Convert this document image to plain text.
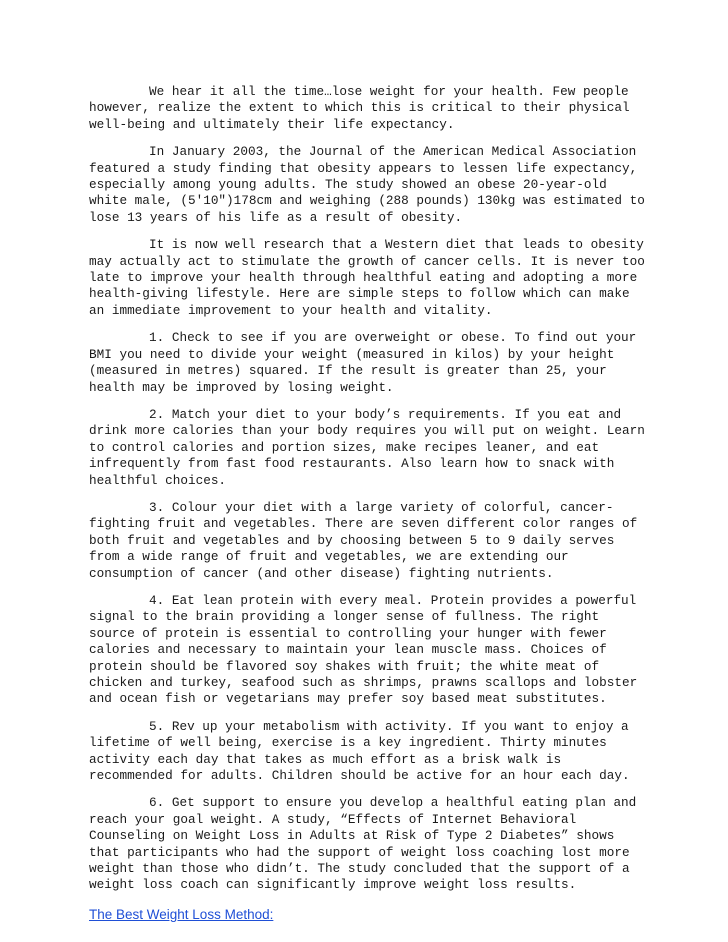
We hear it all the time…lose weight for your health. Few people however, realize the extent to which this is critical to their physical well-being and ultimately their life expectancy.

In January 2003, the Journal of the American Medical Association featured a study finding that obesity appears to lessen life expectancy, especially among young adults. The study showed an obese 20-year-old white male, (5'10")178cm and weighing (288 pounds) 130kg was estimated to lose 13 years of his life as a result of obesity.

It is now well research that a Western diet that leads to obesity may actually act to stimulate the growth of cancer cells. It is never too late to improve your health through healthful eating and adopting a more health-giving lifestyle. Here are simple steps to follow which can make an immediate improvement to your health and vitality.

1. Check to see if you are overweight or obese. To find out your BMI you need to divide your weight (measured in kilos) by your height (measured in metres) squared. If the result is greater than 25, your health may be improved by losing weight.

2. Match your diet to your body’s requirements. If you eat and drink more calories than your body requires you will put on weight. Learn to control calories and portion sizes, make recipes leaner, and eat infrequently from fast food restaurants. Also learn how to snack with healthful choices.

3. Colour your diet with a large variety of colorful, cancer-fighting fruit and vegetables. There are seven different color ranges of both fruit and vegetables and by choosing between 5 to 9 daily serves from a wide range of fruit and vegetables, we are extending our consumption of cancer (and other disease) fighting nutrients.

4. Eat lean protein with every meal. Protein provides a powerful signal to the brain providing a longer sense of fullness. The right source of protein is essential to controlling your hunger with fewer calories and necessary to maintain your lean muscle mass. Choices of protein should be flavored soy shakes with fruit; the white meat of chicken and turkey, seafood such as shrimps, prawns scallops and lobster and ocean fish or vegetarians may prefer soy based meat substitutes.

5. Rev up your metabolism with activity. If you want to enjoy a lifetime of well being, exercise is a key ingredient. Thirty minutes activity each day that takes as much effort as a brisk walk is recommended for adults. Children should be active for an hour each day.

6. Get support to ensure you develop a healthful eating plan and reach your goal weight. A study, “Effects of Internet Behavioral Counseling on Weight Loss in Adults at Risk of Type 2 Diabetes” shows that participants who had the support of weight loss coaching lost more weight than those who didn’t. The study concluded that the support of a weight loss coach can significantly improve weight loss results.

The Best Weight Loss Method:
